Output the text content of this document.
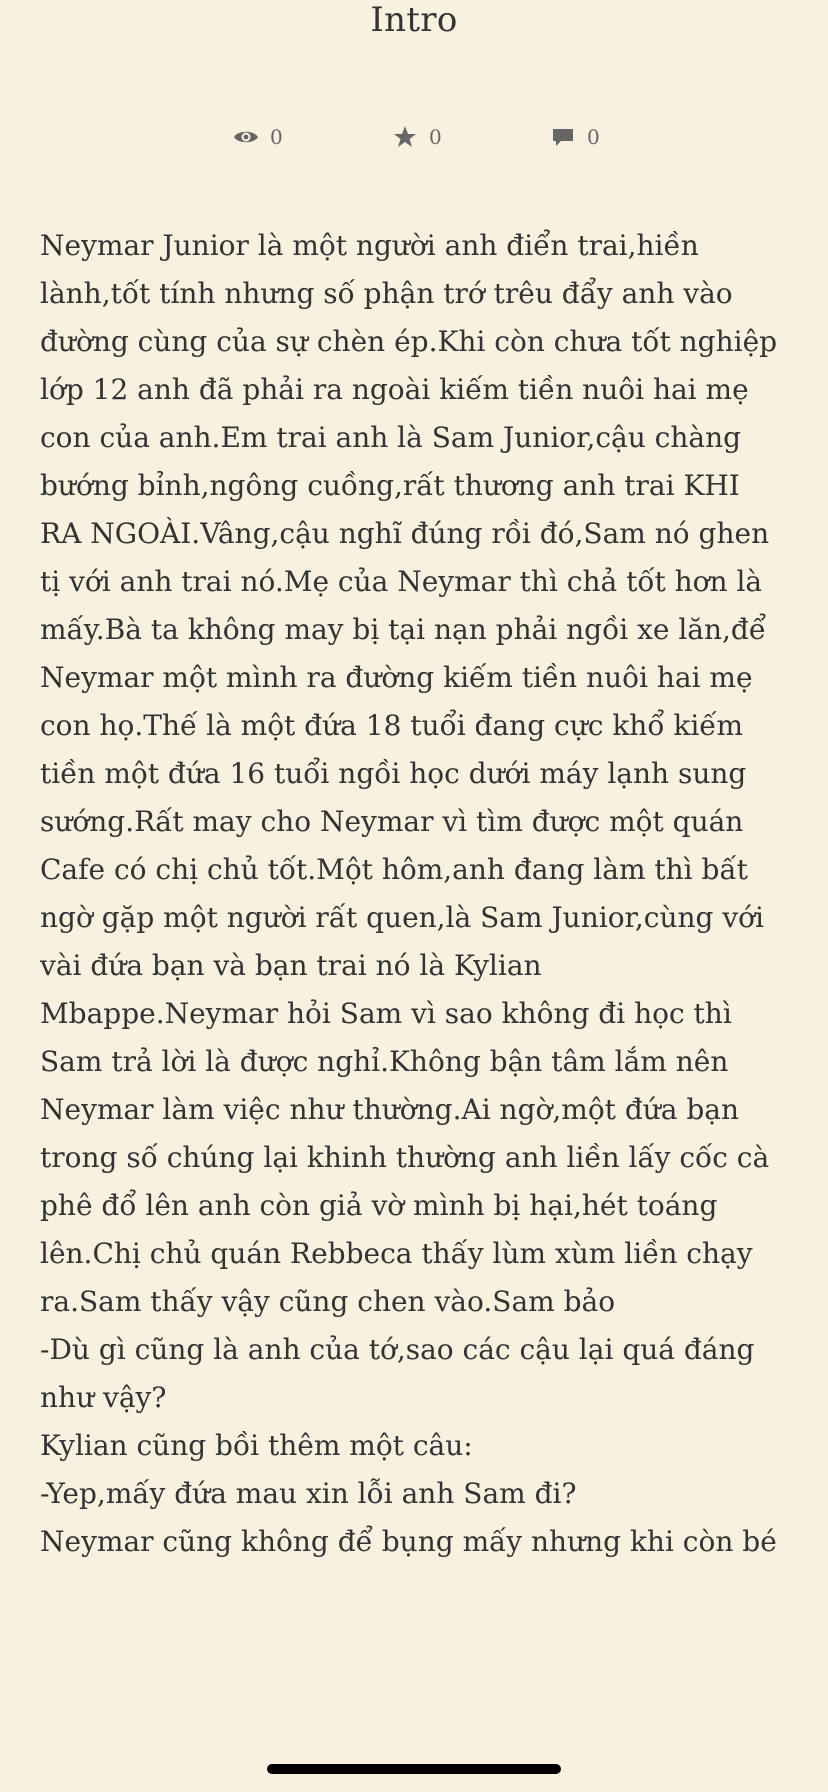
Intro
0	0	0

Neymar Junior là một người anh điển trai,hiền lành,tốt tính nhưng số phận trớ trêu đẩy anh vào đường cùng của sự chèn ép.Khi còn chưa tốt nghiệp lớp 12 anh đã phải ra ngoài kiếm tiền nuôi hai mẹ con của anh.Em trai anh là Sam Junior,cậu chàng bướng bỉnh,ngông cuồng,rất thương anh trai KHI RA NGOÀI.Vâng,cậu nghĩ đúng rồi đó,Sam nó ghen tị với anh trai nó.Mẹ của Neymar thì chả tốt hơn là mấy.Bà ta không may bị tại nạn phải ngồi xe lăn,để Neymar một mình ra đường kiếm tiền nuôi hai mẹ con họ.Thế là một đứa 18 tuổi đang cực khổ kiếm tiền một đứa 16 tuổi ngồi học dưới máy lạnh sung sướng.Rất may cho Neymar vì tìm được một quán Cafe có chị chủ tốt.Một hôm,anh đang làm thì bất ngờ gặp một người rất quen,là Sam Junior,cùng với vài đứa bạn và bạn trai nó là Kylian Mbappe.Neymar hỏi Sam vì sao không đi học thì Sam trả lời là được nghỉ.Không bận tâm lắm nên Neymar làm việc như thường.Ai ngờ,một đứa bạn trong số chúng lại khinh thường anh liền lấy cốc cà phê đổ lên anh còn giả vờ mình bị hại,hét toáng lên.Chị chủ quán Rebbeca thấy lùm xùm liền chạy ra.Sam thấy vậy cũng chen vào.Sam bảo

-Dù gì cũng là anh của tớ,sao các cậu lại quá đáng như vậy?

Kylian cũng bồi thêm một câu:

-Yep,mấy đứa mau xin lỗi anh Sam đi?

Neymar cũng không để bụng mấy nhưng khi còn bé
